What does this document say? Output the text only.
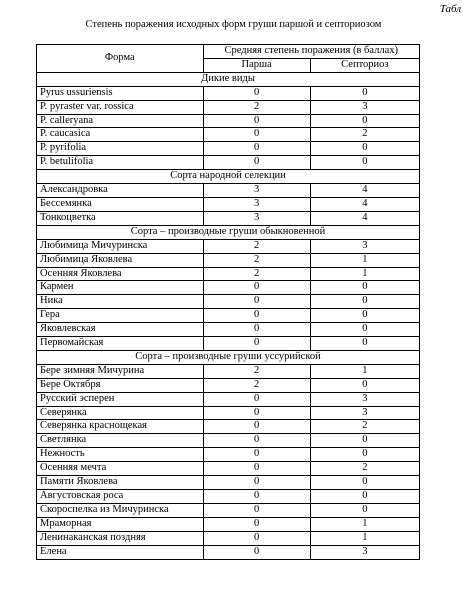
Табл
Степень поражения исходных форм груши паршой и септориозом
Форма	Средняя степень поражения (в баллах)	
	Парша	Септориоз
Дикие виды		
Pyrus ussuriensis	0	0
P. pyraster var. rossica	2	3
P. calleryana	0	0
P. caucasica	0	2
P. pyrifolia	0	0
P. betulifolia	0	0
Сорта народной селекции		
Александровка	3	4
Бессемянка	3	4
Тонкоцветка	3	4
Сорта – производные груши обыкновенной		
Любимица Мичуринска	2	3
Любимица Яковлева	2	1
Осенняя Яковлева	2	1
Кармен	0	0
Ника	0	0
Гера	0	0
Яковлевская	0	0
Первомайская	0	0
Сорта – производные груши уссурийской		
Бере зимняя Мичурина	2	1
Бере Октября	2	0
Русский эсперен	0	3
Северянка	0	3
Северянка краснощекая	0	2
Светлянка	0	0
Нежность	0	0
Осенняя мечта	0	2
Памяти Яковлева	0	0
Августовская роса	0	0
Скороспелка из Мичуринска	0	0
Мраморная	0	1
Ленинаканская поздняя	0	1
Елена	0	3
